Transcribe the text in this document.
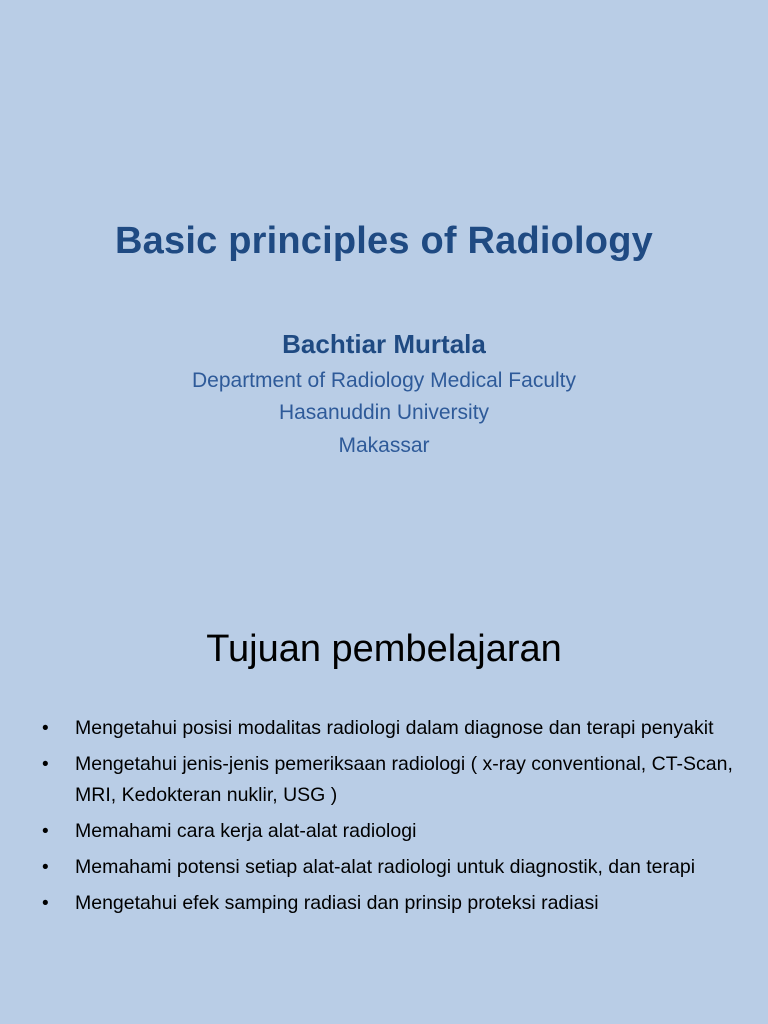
Basic principles of Radiology
Bachtiar Murtala
Department of Radiology Medical Faculty
Hasanuddin University
Makassar
Tujuan pembelajaran
• Mengetahui posisi modalitas radiologi dalam diagnose dan terapi penyakit
• Mengetahui jenis-jenis pemeriksaan radiologi ( x-ray conventional, CT-Scan, MRI, Kedokteran nuklir, USG )
• Memahami cara kerja alat-alat radiologi
• Memahami potensi setiap alat-alat radiologi untuk diagnostik, dan terapi
• Mengetahui efek samping radiasi dan prinsip proteksi radiasi
